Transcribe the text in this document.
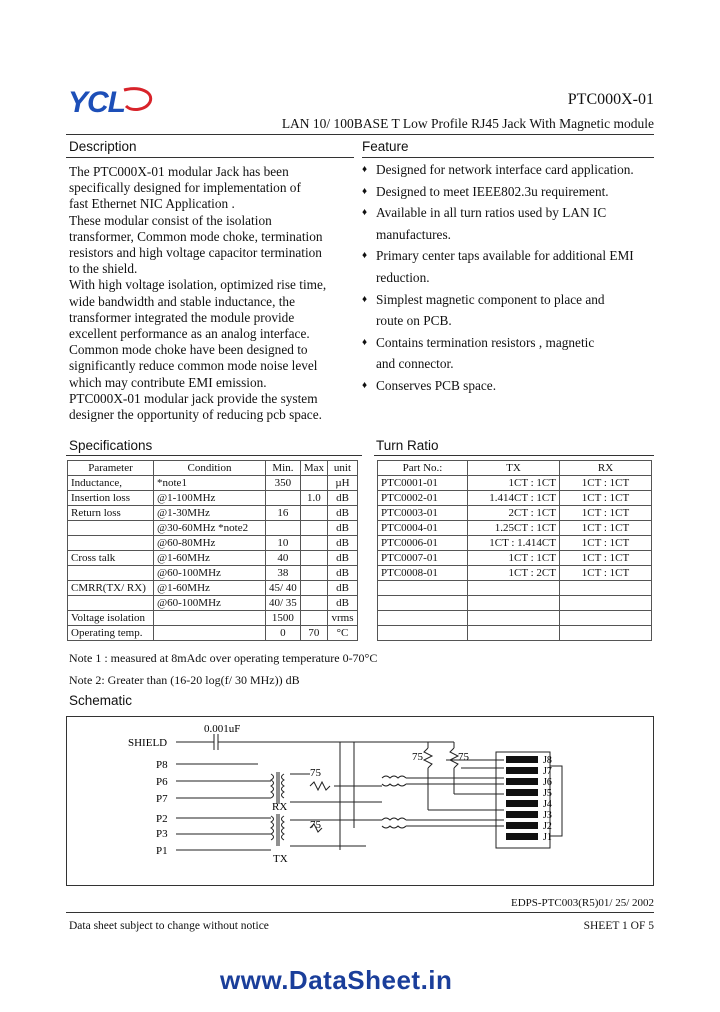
YCL	PTC000X-01
LAN 10/ 100BASE T Low Profile RJ45 Jack With Magnetic module
Description
The PTC000X-01 modular Jack has been
specifically designed for implementation of
fast Ethernet NIC Application .
These modular consist of the isolation
transformer, Common mode choke, termination
resistors and high voltage capacitor termination
to the shield.
With high voltage isolation, optimized rise time,
wide bandwidth and stable inductance, the
transformer integrated the module provide
excellent performance as an analog interface.
Common mode choke have been designed to
significantly reduce common mode noise level
which may contribute EMI emission.
PTC000X-01 modular jack provide the system
designer the opportunity of reducing pcb space.
Feature
♦ Designed for network interface card application.
♦ Designed to meet IEEE802.3u requirement.
♦ Available in all turn ratios used by LAN IC
manufactures.
♦ Primary center taps available for additional EMI
reduction.
♦ Simplest magnetic component to place and
route on PCB.
♦ Contains termination resistors , magnetic
and connector.
♦ Conserves PCB space.
Specifications
Parameter	Condition	Min.	Max	unit
Inductance,	*note1	350		µH
Insertion loss	@1-100MHz		1.0	dB
Return loss	@1-30MHz	16		dB
	@30-60MHz *note2			dB
	@60-80MHz	10		dB
Cross talk	@1-60MHz	40		dB
	@60-100MHz	38		dB
CMRR(TX/ RX)	@1-60MHz	45/ 40		dB
	@60-100MHz	40/ 35		dB
Voltage isolation		1500		vrms
Operating temp.		0	70	°C
Turn Ratio
Part No.:	TX	RX
PTC0001-01	1CT : 1CT	1CT : 1CT
PTC0002-01	1.414CT : 1CT	1CT : 1CT
PTC0003-01	2CT : 1CT	1CT : 1CT
PTC0004-01	1.25CT : 1CT	1CT : 1CT
PTC0006-01	1CT : 1.414CT	1CT : 1CT
PTC0007-01	1CT : 1CT	1CT : 1CT
PTC0008-01	1CT : 2CT	1CT : 1CT

Note 1 : measured at 8mAdc over operating temperature 0-70°C
Note 2: Greater than (16-20 log(f/ 30 MHz)) dB
Schematic
SHIELD
0.001uF
P8
P6
P7
P2
P3
P1
RX
TX
75
75
75	75	J8
J7
J6
J5
J4
J3
J2
J1
EDPS-PTC003(R5)01/ 25/ 2002
Data sheet subject to change without notice	SHEET 1 OF 5
www.DataSheet.in
